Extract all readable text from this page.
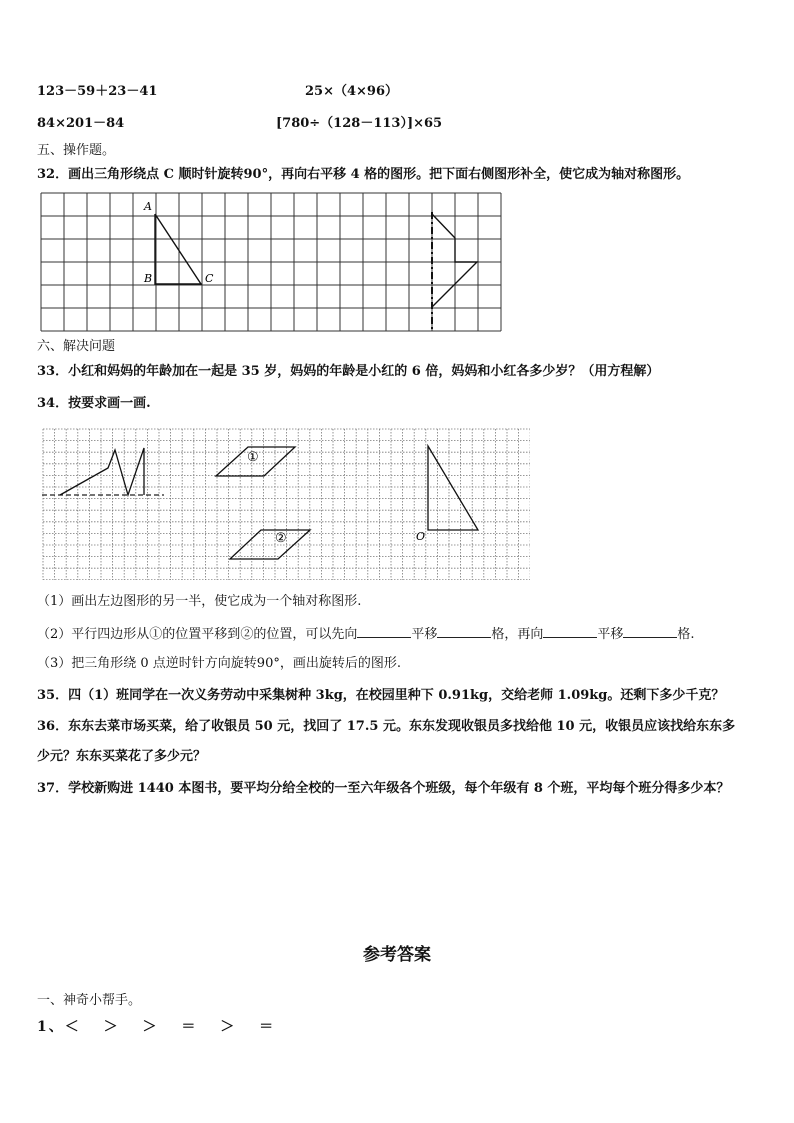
123－59＋23－41	25×（4×96）
84×201－84	[780÷（128－113）]×65
五、操作题。
32．画出三角形绕点 C 顺时针旋转90°，再向右平移 4 格的图形。把下面右侧图形补全，使它成为轴对称图形。
A
B	C
六、解决问题
33．小红和妈妈的年龄加在一起是 35 岁，妈妈的年龄是小红的 6 倍，妈妈和小红各多少岁？（用方程解）
34．按要求画一画.
①
②	O
（1）画出左边图形的另一半，使它成为一个轴对称图形.
（2）平行四边形从①的位置平移到②的位置，可以先向	平移	格，再向	平移	格.
（3）把三角形绕 0 点逆时针方向旋转90°，画出旋转后的图形.
35．四（1）班同学在一次义务劳动中采集树种 3kg，在校园里种下 0.91kg，交给老师 1.09kg。还剩下多少千克？
36．东东去菜市场买菜，给了收银员 50 元，找回了 17.5 元。东东发现收银员多找给他 10 元，收银员应该找给东东多
少元？东东买菜花了多少元？
37．学校新购进 1440 本图书，要平均分给全校的一至六年级各个班级，每个年级有 8 个班，平均每个班分得多少本？
参考答案
一、神奇小帮手。
1、＜　 ＞　 ＞　 ＝　 ＞　 ＝
